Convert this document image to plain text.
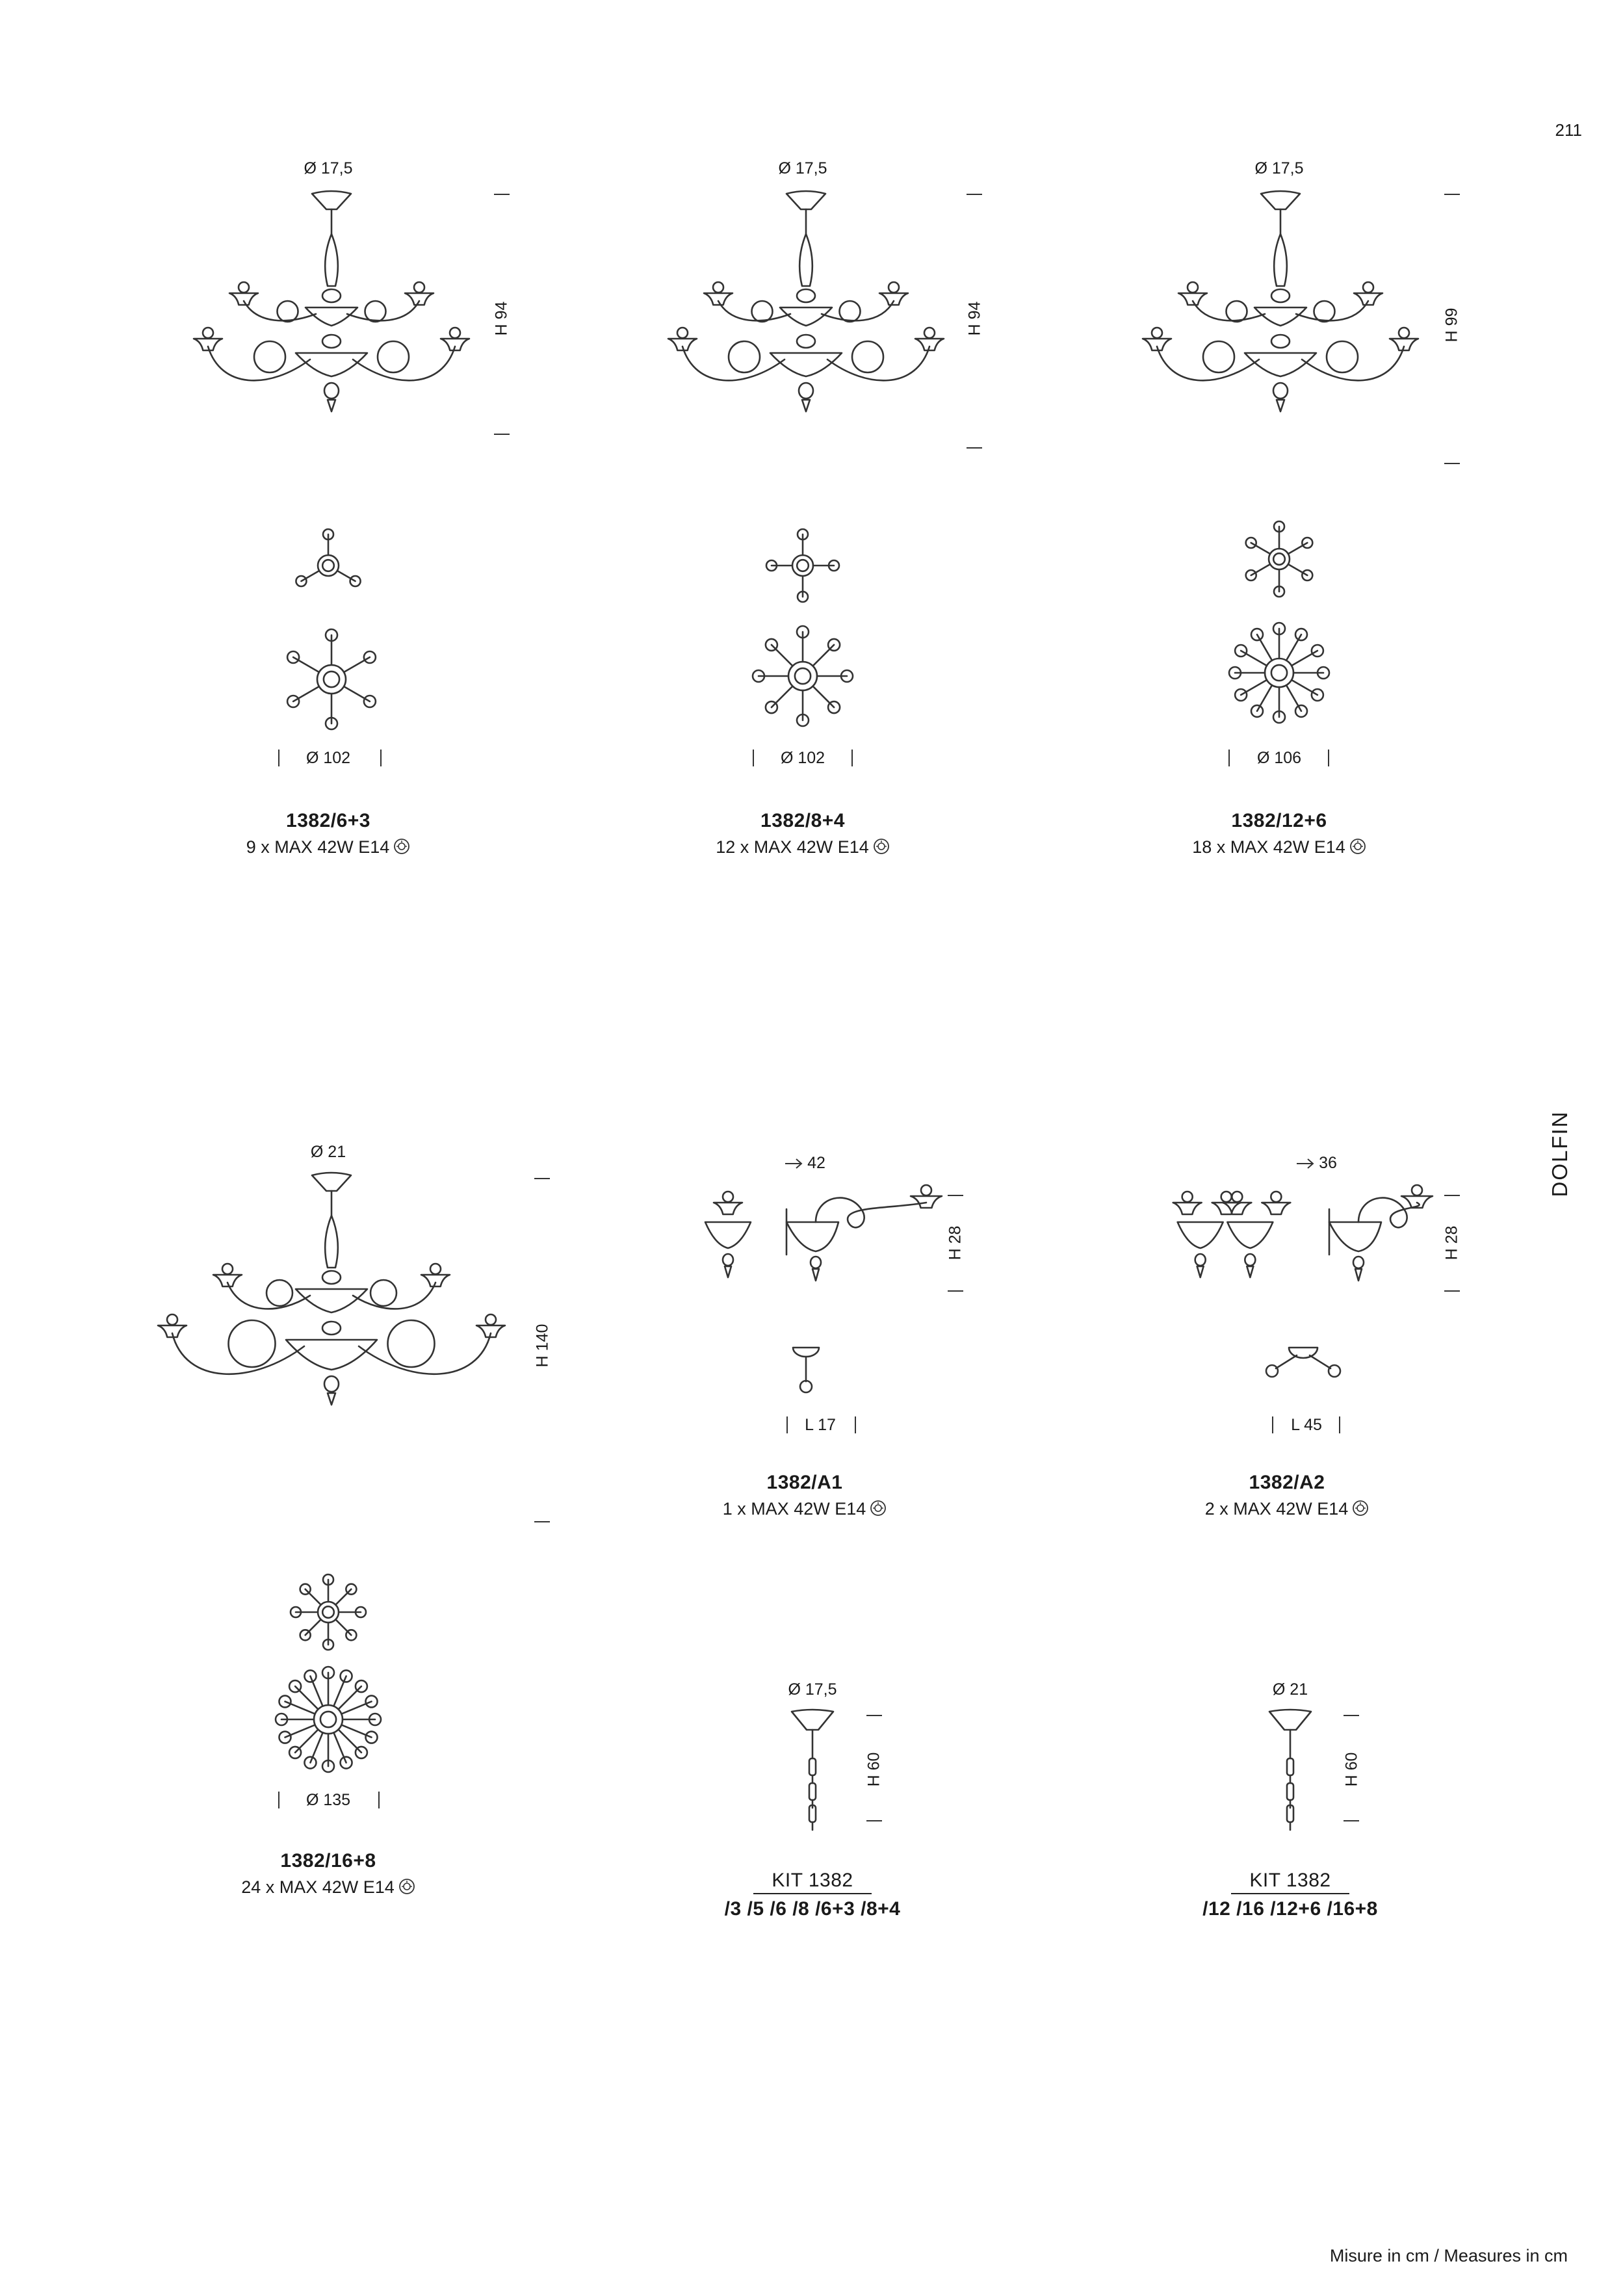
211
DOLFIN
Ø 17,5
H 94
Ø 102
1382/6+3
9 x MAX 42W E14
Ø 17,5
H 94
Ø 102
1382/8+4
12 x MAX 42W E14
Ø 17,5
H 99
Ø 106
1382/12+6
18 x MAX 42W E14
Ø 21
H 140
Ø 135
1382/16+8
24 x MAX 42W E14
42
H 28
L 17
1382/A1
1 x MAX 42W E14
36
H 28
L 45
1382/A2
2 x MAX 42W E14
Ø 17,5
H 60
KIT 1382
/3 /5 /6 /8 /6+3 /8+4
Ø 21
H 60
KIT 1382
/12 /16 /12+6 /16+8
Misure in cm / Measures in cm
